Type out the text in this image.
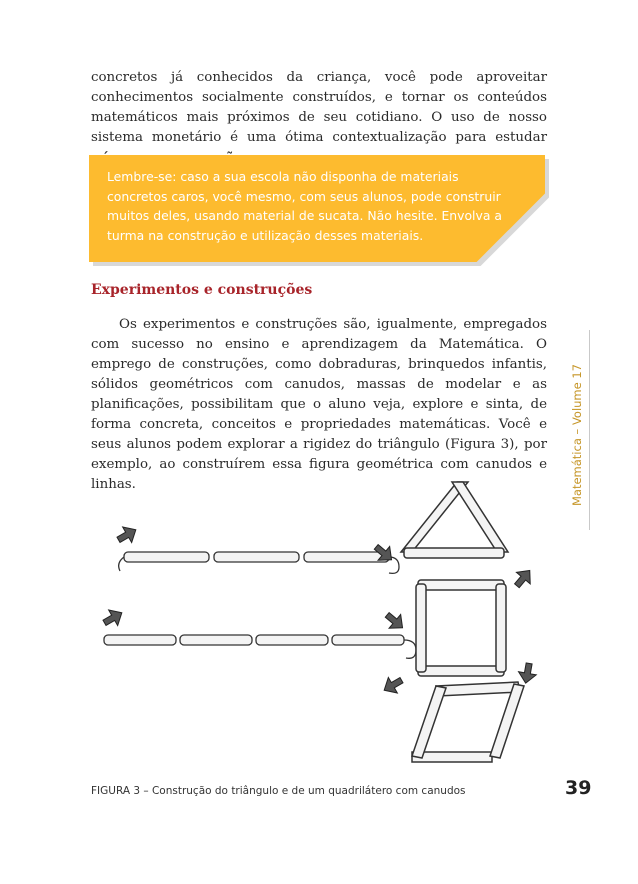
concretos já conhecidos da criança, você pode aproveitar conhecimentos socialmente construídos, e tornar os conteúdos matemáticos mais próximos de seu cotidiano. O uso de nosso sistema monetário é uma ótima contextualização para estudar

Lembre-se: caso a sua escola não disponha de materiais concretos caros, você mesmo, com seus alunos, pode construir muitos deles, usando material de sucata. Não hesite. Envolva a turma na construção e utilização desses materiais.

Experimentos e construções

Os experimentos e construções são, igualmente, empregados com sucesso no ensino e aprendizagem da Matemática. O emprego de construções, como dobraduras, brinquedos infantis, sólidos geométricos com canudos, massas de modelar e as planificações, possibilitam que o aluno veja, explore e sinta, de forma concreta, conceitos e propriedades matemáticas. Você e seus alunos podem explorar a rigidez do triângulo (Figura 3), por exemplo, ao construírem essa figura geométrica com canudos e linhas.	Matemática – Volume 17
FIGURA 3 – Construção do triângulo e de um quadrilátero com canudos	39
